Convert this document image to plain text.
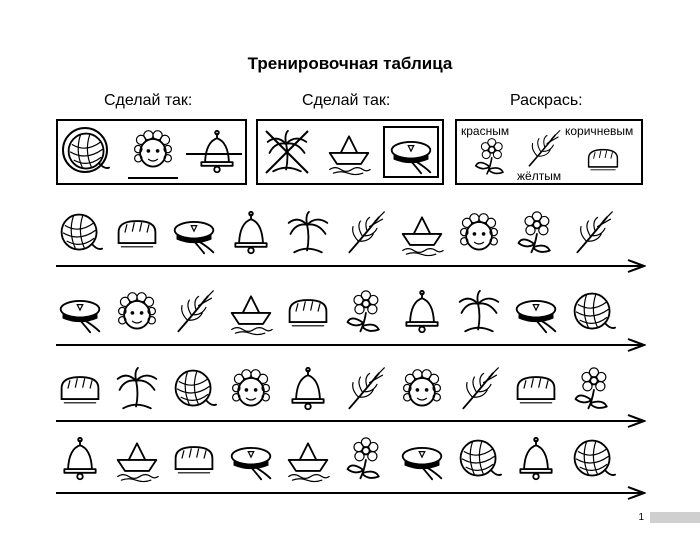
Тренировочная таблица
Сделай так:	Сделай так:	Раскрась:
красным
жёлтым
коричневым
1
